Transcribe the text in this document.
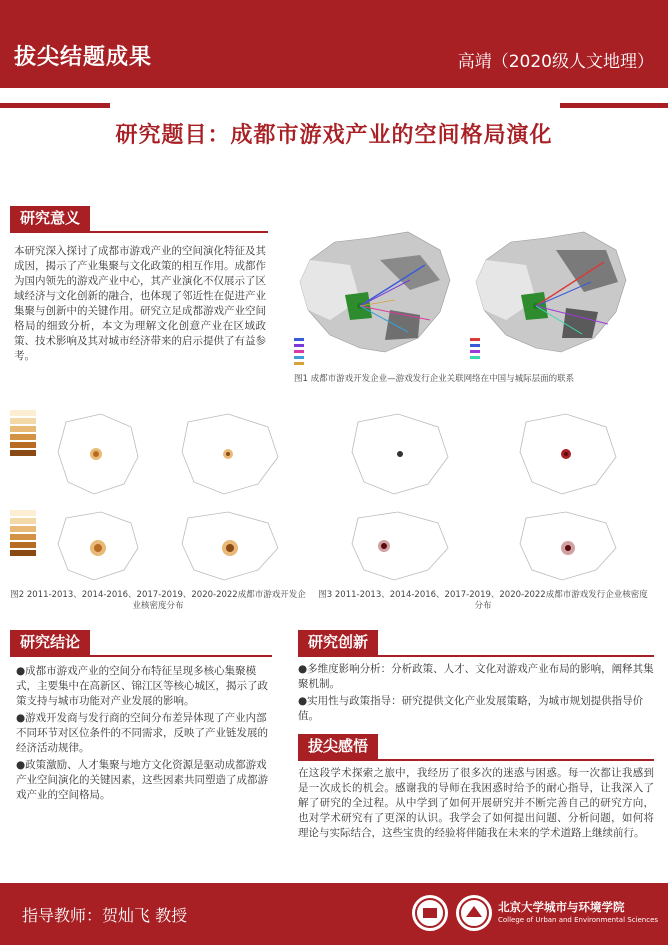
拔尖结题成果	高靖（2020级人文地理）
研究题目：成都市游戏产业的空间格局演化
研究意义
本研究深入探讨了成都市游戏产业的空间演化特征及其成因，揭示了产业集聚与文化政策的相互作用。成都作为国内领先的游戏产业中心，其产业演化不仅展示了区域经济与文化创新的融合，也体现了邻近性在促进产业集聚与创新中的关键作用。研究立足成都游戏产业空间格局的细致分析，本文为理解文化创意产业在区域政策、技术影响及其对城市经济带来的启示提供了有益参考。
图1 成都市游戏开发企业—游戏发行企业关联网络在中国与城际层面的联系
图2 2011-2013、2014-2016、2017-2019、2020-2022成都市游戏开发企业核密度分布
图3 2011-2013、2014-2016、2017-2019、2020-2022成都市游戏发行企业核密度分布
研究结论
●成都市游戏产业的空间分布特征呈现多核心集聚模式，主要集中在高新区、锦江区等核心城区，揭示了政策支持与城市功能对产业发展的影响。
●游戏开发商与发行商的空间分布差异体现了产业内部不同环节对区位条件的不同需求，反映了产业链发展的经济活动规律。
●政策激励、人才集聚与地方文化资源是驱动成都游戏产业空间演化的关键因素，这些因素共同塑造了成都游戏产业的空间格局。
研究创新
●多维度影响分析：分析政策、人才、文化对游戏产业布局的影响，阐释其集聚机制。
●实用性与政策指导：研究提供文化产业发展策略，为城市规划提供指导价值。
拔尖感悟
在这段学术探索之旅中，我经历了很多次的迷惑与困惑。每一次都让我感到是一次成长的机会。感谢我的导师在我困惑时给予的耐心指导，让我深入了解了研究的全过程。从中学到了如何开展研究并不断完善自己的研究方向，也对学术研究有了更深的认识。我学会了如何提出问题、分析问题，如何将理论与实际结合，这些宝贵的经验将伴随我在未来的学术道路上继续前行。
指导教师：贺灿飞 教授	北京大学城市与环境学院
College of Urban and Environmental Sciences
